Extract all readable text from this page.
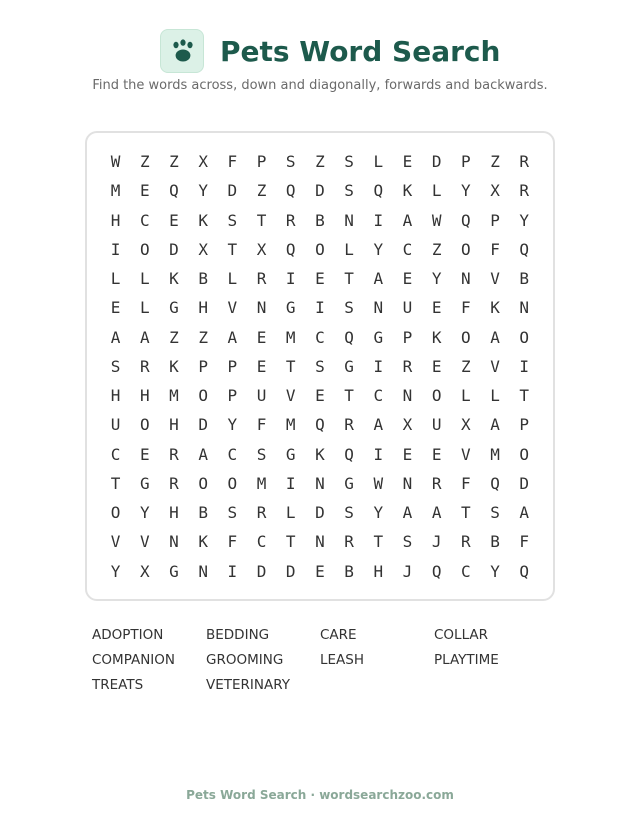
Pets Word Search
Find the words across, down and diagonally, forwards and backwards.
W	Z	Z	X	F	P	S	Z	S	L	E	D	P	Z	R
M	E	Q	Y	D	Z	Q	D	S	Q	K	L	Y	X	R
H	C	E	K	S	T	R	B	N	I	A	W	Q	P	Y
I	O	D	X	T	X	Q	O	L	Y	C	Z	O	F	Q
L	L	K	B	L	R	I	E	T	A	E	Y	N	V	B
E	L	G	H	V	N	G	I	S	N	U	E	F	K	N
A	A	Z	Z	A	E	M	C	Q	G	P	K	O	A	O
S	R	K	P	P	E	T	S	G	I	R	E	Z	V	I
H	H	M	O	P	U	V	E	T	C	N	O	L	L	T
U	O	H	D	Y	F	M	Q	R	A	X	U	X	A	P
C	E	R	A	C	S	G	K	Q	I	E	E	V	M	O
T	G	R	O	O	M	I	N	G	W	N	R	F	Q	D
O	Y	H	B	S	R	L	D	S	Y	A	A	T	S	A
V	V	N	K	F	C	T	N	R	T	S	J	R	B	F
Y	X	G	N	I	D	D	E	B	H	J	Q	C	Y	Q
ADOPTION	BEDDING	CARE	COLLAR
COMPANION	GROOMING	LEASH	PLAYTIME
TREATS	VETERINARY
Pets Word Search · wordsearchzoo.com
